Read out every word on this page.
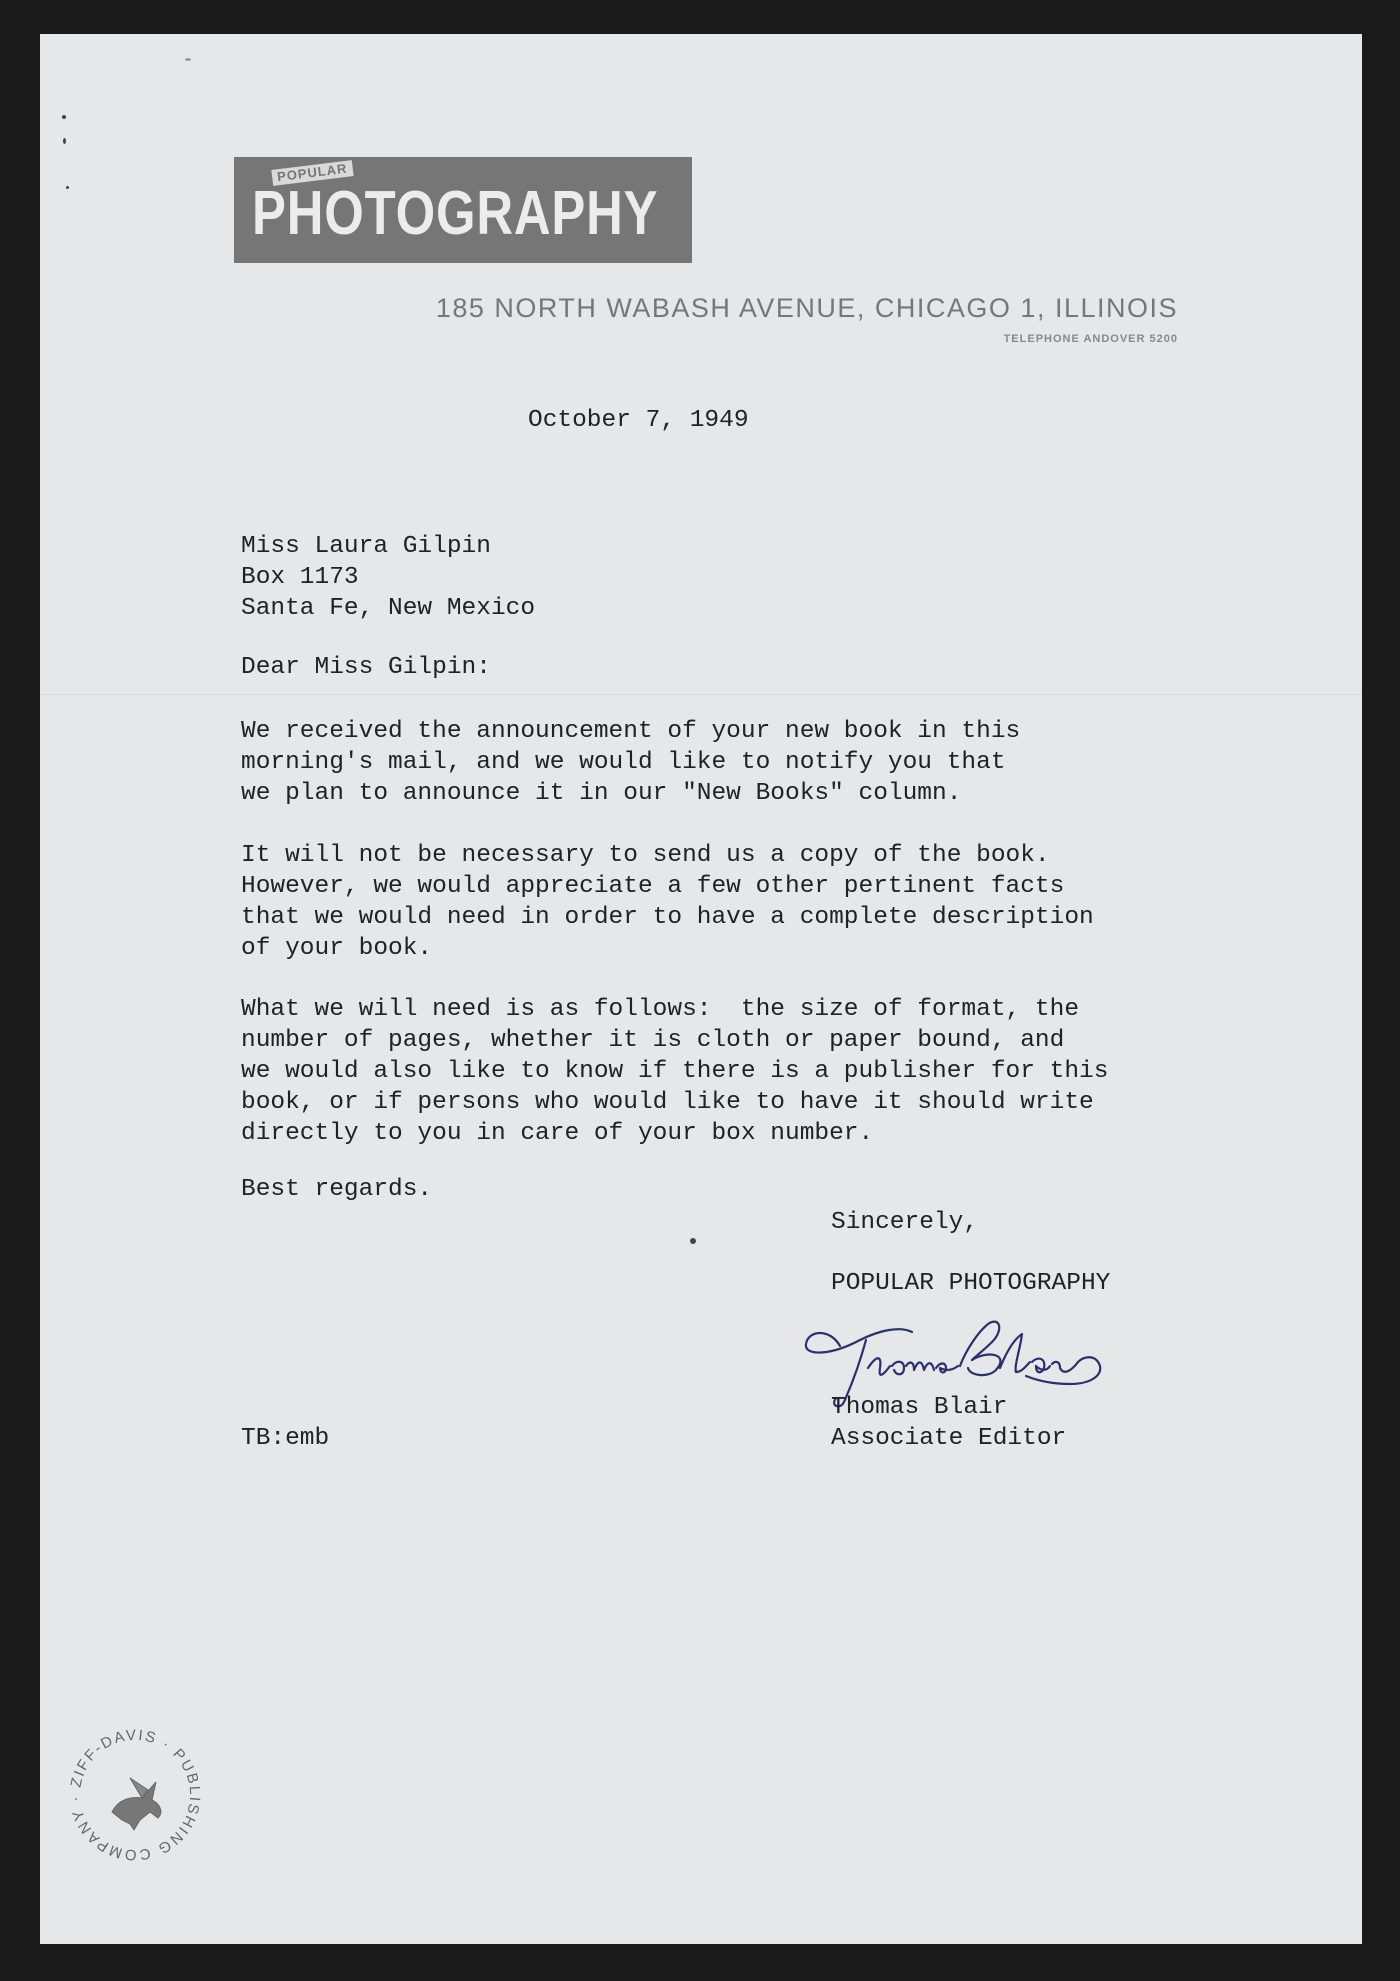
POPULAR
PHOTOGRAPHY
185 NORTH WABASH AVENUE, CHICAGO 1, ILLINOIS
TELEPHONE ANDOVER 5200
October 7, 1949
Miss Laura Gilpin
Box 1173
Santa Fe, New Mexico
Dear Miss Gilpin:
We received the announcement of your new book in this
morning's mail, and we would like to notify you that
we plan to announce it in our "New Books" column.
It will not be necessary to send us a copy of the book.
However, we would appreciate a few other pertinent facts
that we would need in order to have a complete description
of your book.
What we will need is as follows:  the size of format, the
number of pages, whether it is cloth or paper bound, and
we would also like to know if there is a publisher for this
book, or if persons who would like to have it should write
directly to you in care of your box number.
Best regards.
Sincerely,
POPULAR PHOTOGRAPHY
Thomas Blair
Associate Editor
TB:emb
ZIFF-DAVIS · PUBLISHING COMPANY ·
